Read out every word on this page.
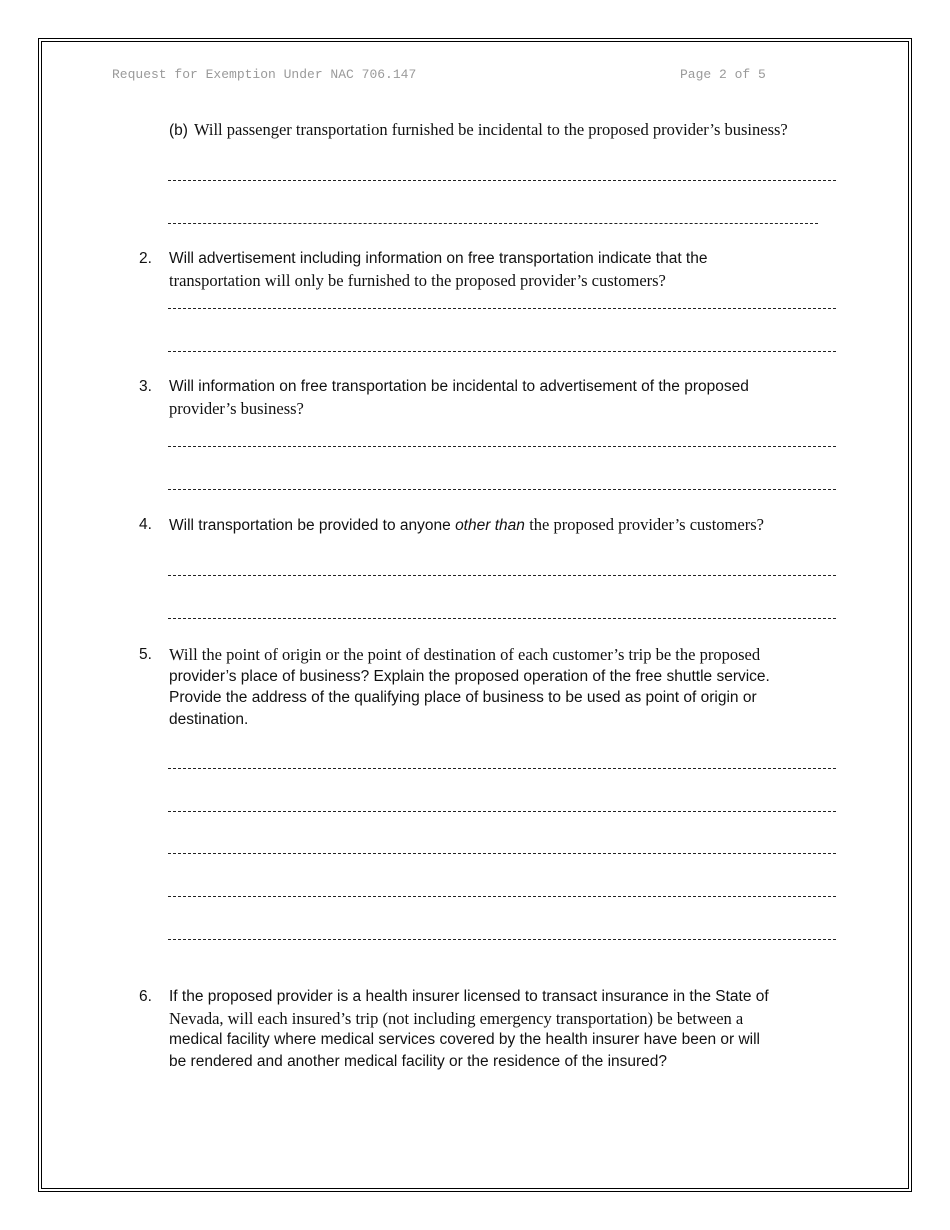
Request for Exemption Under NAC 706.147	Page 2 of 5
(b) Will passenger transportation furnished be incidental to the proposed provider’s business?
2. Will advertisement including information on free transportation indicate that the
transportation will only be furnished to the proposed provider’s customers?
3. Will information on free transportation be incidental to advertisement of the proposed
provider’s business?
4. Will transportation be provided to anyone other than the proposed provider’s customers?
5. Will the point of origin or the point of destination of each customer’s trip be the proposed
provider’s place of business? Explain the proposed operation of the free shuttle service.
Provide the address of the qualifying place of business to be used as point of origin or
destination.
6. If the proposed provider is a health insurer licensed to transact insurance in the State of
Nevada, will each insured’s trip (not including emergency transportation) be between a
medical facility where medical services covered by the health insurer have been or will
be rendered and another medical facility or the residence of the insured?
